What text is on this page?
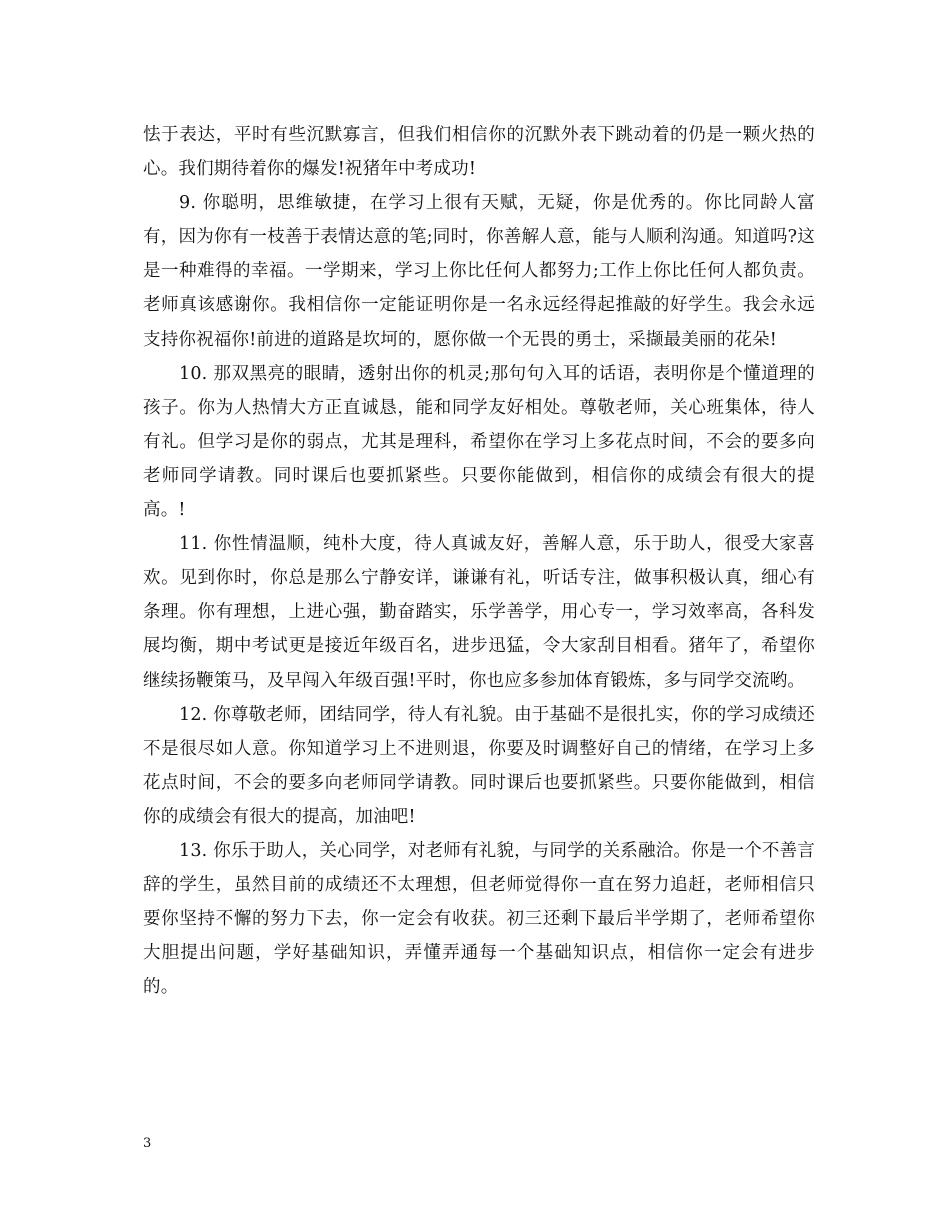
怯于表达，平时有些沉默寡言，但我们相信你的沉默外表下跳动着的仍是一颗火热的心。我们期待着你的爆发!祝猪年中考成功!

9. 你聪明，思维敏捷，在学习上很有天赋，无疑，你是优秀的。你比同龄人富有，因为你有一枝善于表情达意的笔;同时，你善解人意，能与人顺利沟通。知道吗?这是一种难得的幸福。一学期来，学习上你比任何人都努力;工作上你比任何人都负责。老师真该感谢你。我相信你一定能证明你是一名永远经得起推敲的好学生。我会永远支持你祝福你!前进的道路是坎坷的，愿你做一个无畏的勇士，采撷最美丽的花朵!

10. 那双黑亮的眼睛，透射出你的机灵;那句句入耳的话语，表明你是个懂道理的孩子。你为人热情大方正直诚恳，能和同学友好相处。尊敬老师，关心班集体，待人有礼。但学习是你的弱点，尤其是理科，希望你在学习上多花点时间，不会的要多向老师同学请教。同时课后也要抓紧些。只要你能做到，相信你的成绩会有很大的提高。!

11. 你性情温顺，纯朴大度，待人真诚友好，善解人意，乐于助人，很受大家喜欢。见到你时，你总是那么宁静安详，谦谦有礼，听话专注，做事积极认真，细心有条理。你有理想，上进心强，勤奋踏实，乐学善学，用心专一，学习效率高，各科发展均衡，期中考试更是接近年级百名，进步迅猛，令大家刮目相看。猪年了，希望你继续扬鞭策马，及早闯入年级百强!平时，你也应多参加体育锻炼，多与同学交流哟。

12. 你尊敬老师，团结同学，待人有礼貌。由于基础不是很扎实，你的学习成绩还不是很尽如人意。你知道学习上不进则退，你要及时调整好自己的情绪，在学习上多花点时间，不会的要多向老师同学请教。同时课后也要抓紧些。只要你能做到，相信你的成绩会有很大的提高，加油吧!

13. 你乐于助人，关心同学，对老师有礼貌，与同学的关系融洽。你是一个不善言辞的学生，虽然目前的成绩还不太理想，但老师觉得你一直在努力追赶，老师相信只要你坚持不懈的努力下去，你一定会有收获。初三还剩下最后半学期了，老师希望你大胆提出问题，学好基础知识，弄懂弄通每一个基础知识点，相信你一定会有进步的。

3
